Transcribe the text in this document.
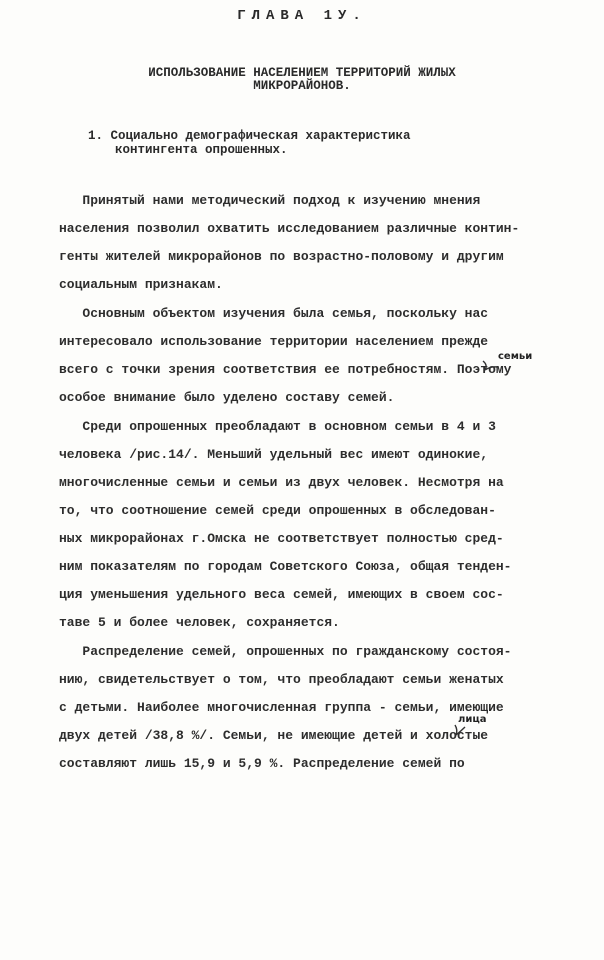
ГЛАВА 1У.
ИСПОЛЬЗОВАНИЕ НАСЕЛЕНИЕМ ТЕРРИТОРИЙ ЖИЛЫХ
МИКРОРАЙОНОВ.
1. Социально демографическая характеристика
контингента опрошенных.
Принятый нами методический подход к изучению мнения
населения позволил охватить исследованием различные контин-
генты жителей микрорайонов по возрастно-половому и другим
социальным признакам.
Основным объектом изучения была семья, поскольку нас
интересовало использование территории населением прежде
всего с точки зрения соответствия ее потребностям. Поэтому
особое внимание было уделено составу семей.
Среди опрошенных преобладают в основном семьи в 4 и 3
человека /рис.14/. Меньший удельный вес имеют одинокие,
многочисленные семьи и семьи из двух человек. Несмотря на
то, что соотношение семей среди опрошенных в обследован-
ных микрорайонах г.Омска не соответствует полностью сред-
ним показателям по городам Советского Союза, общая тенден-
ция уменьшения удельного веса семей, имеющих в своем сос-
таве 5 и более человек, сохраняется.
Распределение семей, опрошенных по гражданскому состоя-
нию, свидетельствует о том, что преобладают семьи женатых
с детьми. Наиболее многочисленная группа - семьи, имеющие
двух детей /38,8 %/. Семьи, не имеющие детей и холостые
составляют лишь 15,9 и 5,9 %. Распределение семей по
семьи
лица
